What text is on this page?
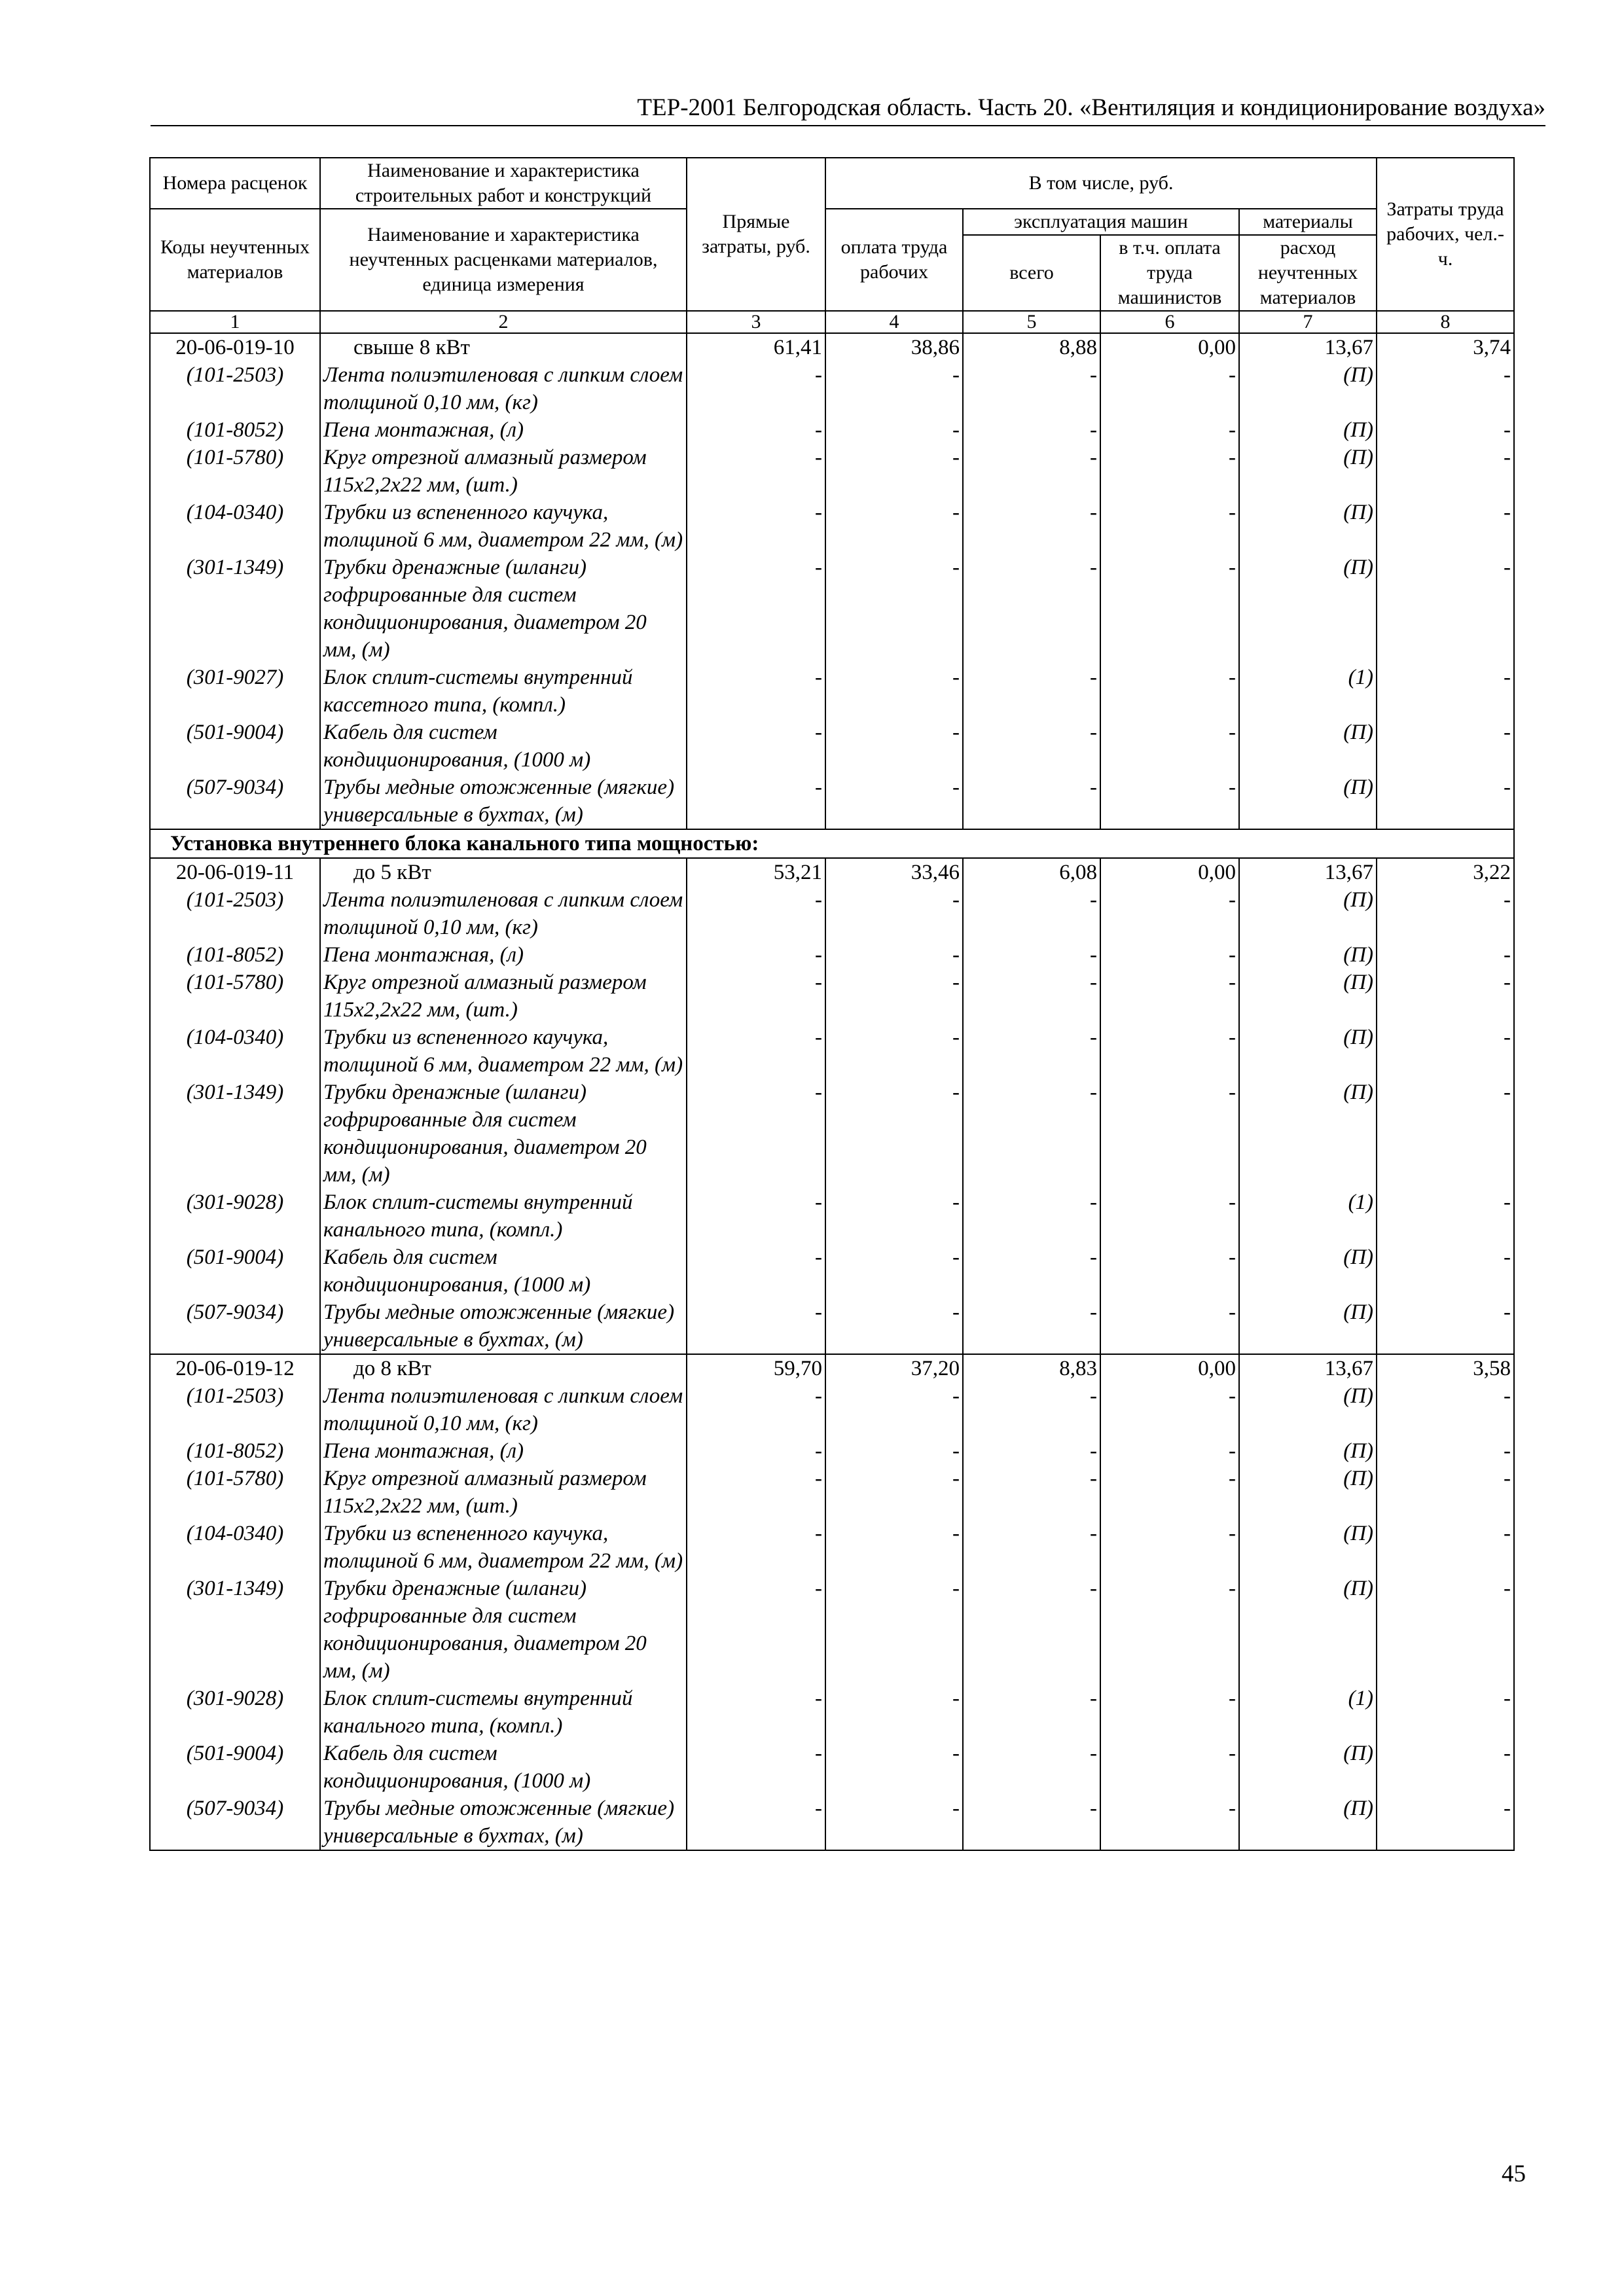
ТЕР-2001 Белгородская область. Часть 20. «Вентиляция и кондиционирование воздуха»
Номера расценок	Наименование и характеристика строительных работ и конструкций	Прямые затраты, руб.	В том числе, руб.				Затраты труда рабочих, чел.-ч.
Коды неучтенных материалов	Наименование и характеристика неучтенных расценками материалов, единица измерения		оплата труда рабочих	эксплуатация машин		материалы	
				всего	в т.ч. оплата труда машинистов	расход неучтенных материалов	
1	2	3	4	5	6	7	8
20-06-019-10	свыше 8 кВт	61,41	38,86	8,88	0,00	13,67	3,74
(101-2503)	Лента полиэтиленовая с липким слоем толщиной 0,10 мм, (кг)	-	-	-	-	(П)	-
(101-8052)	Пена монтажная, (л)	-	-	-	-	(П)	-
(101-5780)	Круг отрезной алмазный размером 115х2,2х22 мм, (шт.)	-	-	-	-	(П)	-
(104-0340)	Трубки из вспененного каучука, толщиной 6 мм, диаметром 22 мм, (м)	-	-	-	-	(П)	-
(301-1349)	Трубки дренажные (шланги) гофрированные для систем кондиционирования, диаметром 20 мм, (м)	-	-	-	-	(П)	-
(301-9027)	Блок сплит-системы внутренний кассетного типа, (компл.)	-	-	-	-	(1)	-
(501-9004)	Кабель для систем кондиционирования, (1000 м)	-	-	-	-	(П)	-
(507-9034)	Трубы медные отожженные (мягкие) универсальные в бухтах, (м)	-	-	-	-	(П)	-
Установка внутреннего блока канального типа мощностью:							
20-06-019-11	до 5 кВт	53,21	33,46	6,08	0,00	13,67	3,22
(101-2503)	Лента полиэтиленовая с липким слоем толщиной 0,10 мм, (кг)	-	-	-	-	(П)	-
(101-8052)	Пена монтажная, (л)	-	-	-	-	(П)	-
(101-5780)	Круг отрезной алмазный размером 115х2,2х22 мм, (шт.)	-	-	-	-	(П)	-
(104-0340)	Трубки из вспененного каучука, толщиной 6 мм, диаметром 22 мм, (м)	-	-	-	-	(П)	-
(301-1349)	Трубки дренажные (шланги) гофрированные для систем кондиционирования, диаметром 20 мм, (м)	-	-	-	-	(П)	-
(301-9028)	Блок сплит-системы внутренний канального типа, (компл.)	-	-	-	-	(1)	-
(501-9004)	Кабель для систем кондиционирования, (1000 м)	-	-	-	-	(П)	-
(507-9034)	Трубы медные отожженные (мягкие) универсальные в бухтах, (м)	-	-	-	-	(П)	-
20-06-019-12	до 8 кВт	59,70	37,20	8,83	0,00	13,67	3,58
(101-2503)	Лента полиэтиленовая с липким слоем толщиной 0,10 мм, (кг)	-	-	-	-	(П)	-
(101-8052)	Пена монтажная, (л)	-	-	-	-	(П)	-
(101-5780)	Круг отрезной алмазный размером 115х2,2х22 мм, (шт.)	-	-	-	-	(П)	-
(104-0340)	Трубки из вспененного каучука, толщиной 6 мм, диаметром 22 мм, (м)	-	-	-	-	(П)	-
(301-1349)	Трубки дренажные (шланги) гофрированные для систем кондиционирования, диаметром 20 мм, (м)	-	-	-	-	(П)	-
(301-9028)	Блок сплит-системы внутренний канального типа, (компл.)	-	-	-	-	(1)	-
(501-9004)	Кабель для систем кондиционирования, (1000 м)	-	-	-	-	(П)	-
(507-9034)	Трубы медные отожженные (мягкие) универсальные в бухтах, (м)	-	-	-	-	(П)	-
45
